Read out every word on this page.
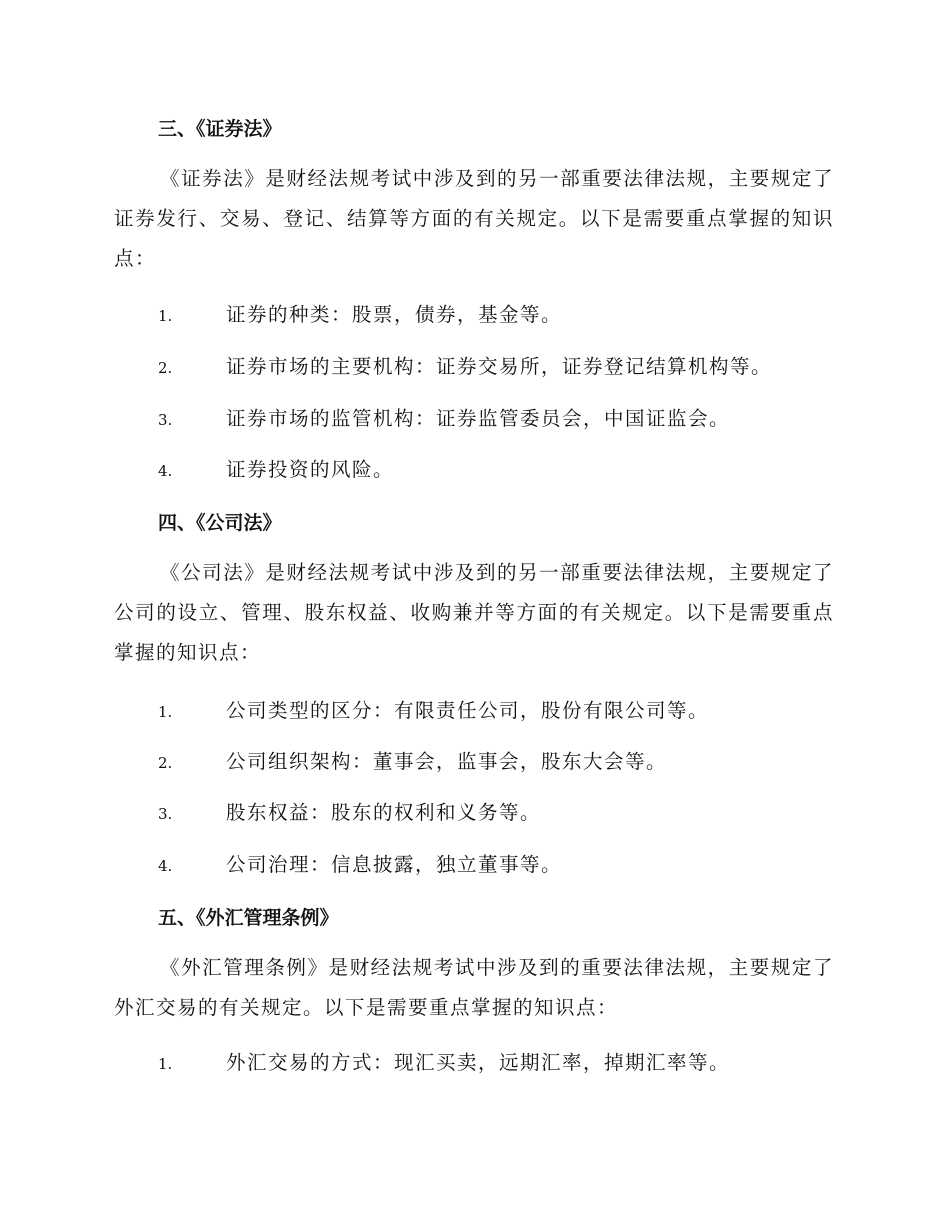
三、《证券法》
《证券法》是财经法规考试中涉及到的另一部重要法律法规，主要规定了证券发行、交易、登记、结算等方面的有关规定。以下是需要重点掌握的知识点：
1.	证券的种类：股票，债券，基金等。
2.	证券市场的主要机构：证券交易所，证券登记结算机构等。
3.	证券市场的监管机构：证券监管委员会，中国证监会。
4.	证券投资的风险。
四、《公司法》
《公司法》是财经法规考试中涉及到的另一部重要法律法规，主要规定了公司的设立、管理、股东权益、收购兼并等方面的有关规定。以下是需要重点掌握的知识点：
1.	公司类型的区分：有限责任公司，股份有限公司等。
2.	公司组织架构：董事会，监事会，股东大会等。
3.	股东权益：股东的权利和义务等。
4.	公司治理：信息披露，独立董事等。
五、《外汇管理条例》
《外汇管理条例》是财经法规考试中涉及到的重要法律法规，主要规定了外汇交易的有关规定。以下是需要重点掌握的知识点：
1.	外汇交易的方式：现汇买卖，远期汇率，掉期汇率等。
